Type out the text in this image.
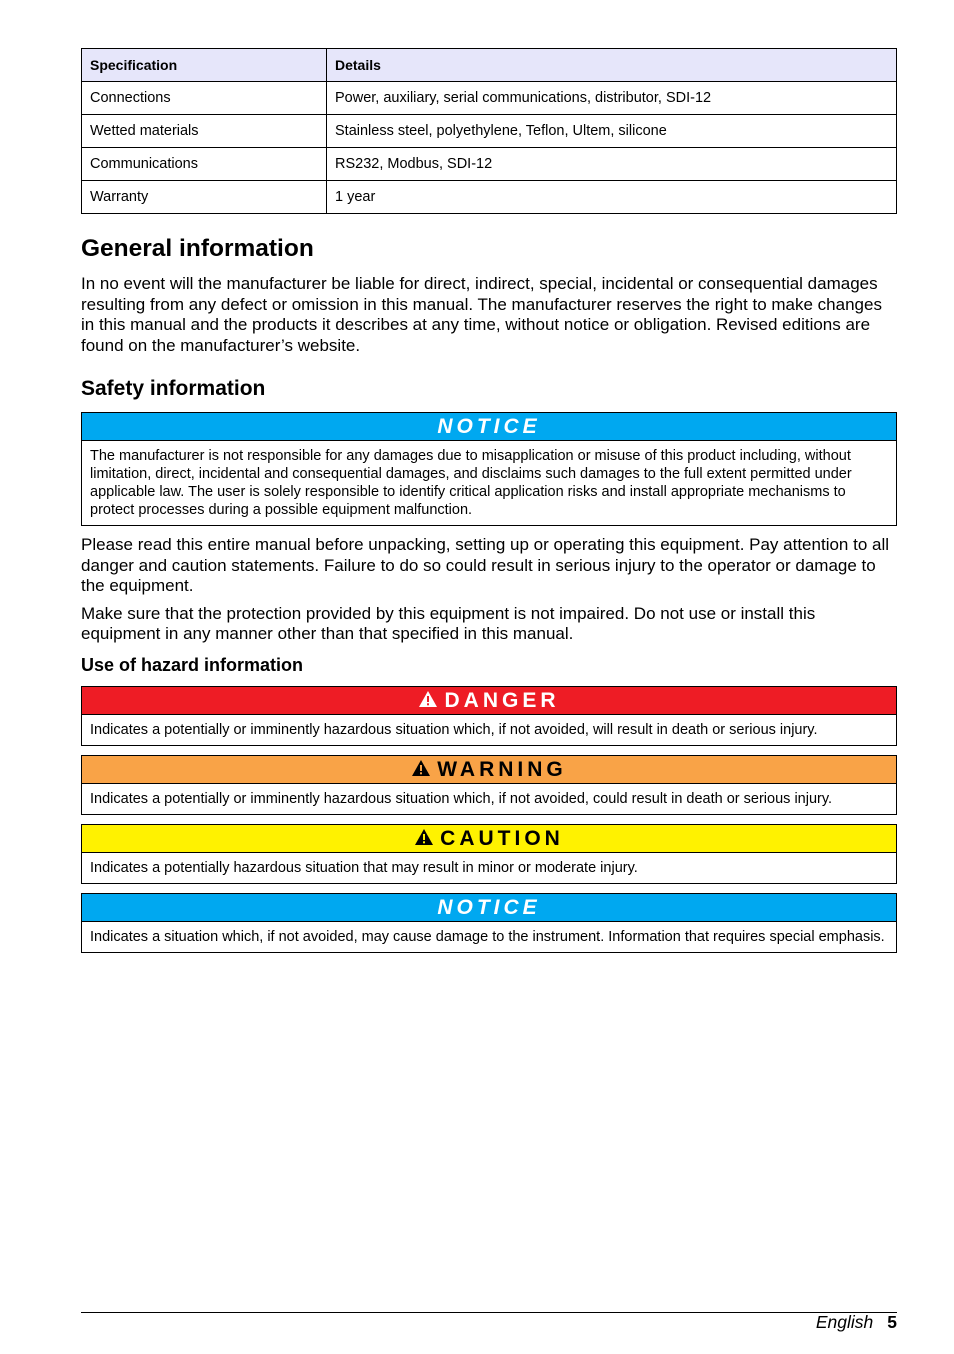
Specification	Details
Connections	Power, auxiliary, serial communications, distributor, SDI-12
Wetted materials	Stainless steel, polyethylene, Teflon, Ultem, silicone
Communications	RS232, Modbus, SDI-12
Warranty	1 year
General information

In no event will the manufacturer be liable for direct, indirect, special, incidental or consequential damages resulting from any defect or omission in this manual. The manufacturer reserves the right to make changes in this manual and the products it describes at any time, without notice or obligation. Revised editions are found on the manufacturer’s website.

Safety information
NOTICE
The manufacturer is not responsible for any damages due to misapplication or misuse of this product including, without limitation, direct, incidental and consequential damages, and disclaims such damages to the full extent permitted under applicable law. The user is solely responsible to identify critical application risks and install appropriate mechanisms to protect processes during a possible equipment malfunction.

Please read this entire manual before unpacking, setting up or operating this equipment. Pay attention to all danger and caution statements. Failure to do so could result in serious injury to the operator or damage to the equipment.

Make sure that the protection provided by this equipment is not impaired. Do not use or install this equipment in any manner other than that specified in this manual.

Use of hazard information
DANGER
Indicates a potentially or imminently hazardous situation which, if not avoided, will result in death or serious injury.
WARNING
Indicates a potentially or imminently hazardous situation which, if not avoided, could result in death or serious injury.
CAUTION
Indicates a potentially hazardous situation that may result in minor or moderate injury.
NOTICE
Indicates a situation which, if not avoided, may cause damage to the instrument. Information that requires special emphasis.
English 5
